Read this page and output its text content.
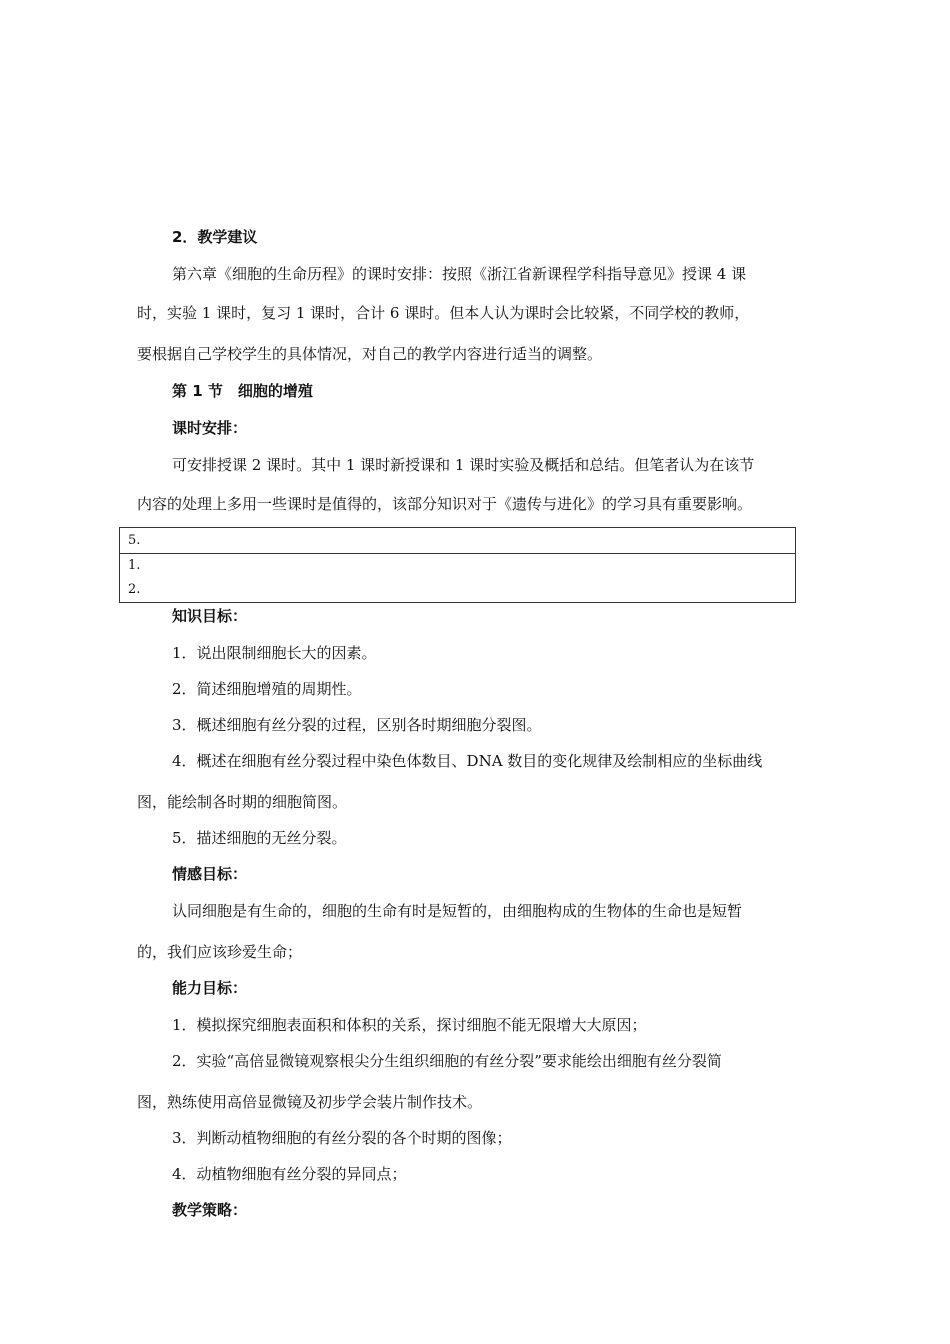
2．教学建议
第六章《细胞的生命历程》的课时安排：按照《浙江省新课程学科指导意见》授课 4 课
时，实验 1 课时，复习 1 课时，合计 6 课时。但本人认为课时会比较紧，不同学校的教师，
要根据自己学校学生的具体情况，对自己的教学内容进行适当的调整。
第 1 节　细胞的增殖
课时安排：
可安排授课 2 课时。其中 1 课时新授课和 1 课时实验及概括和总结。但笔者认为在该节
内容的处理上多用一些课时是值得的，该部分知识对于《遗传与进化》的学习具有重要影响。
5.
1.
2.
知识目标：
1．说出限制细胞长大的因素。
2．简述细胞增殖的周期性。
3．概述细胞有丝分裂的过程，区别各时期细胞分裂图。
4．概述在细胞有丝分裂过程中染色体数目、DNA 数目的变化规律及绘制相应的坐标曲线
图，能绘制各时期的细胞简图。
5．描述细胞的无丝分裂。
情感目标：
认同细胞是有生命的，细胞的生命有时是短暂的，由细胞构成的生物体的生命也是短暂
的，我们应该珍爱生命；
能力目标：
1．模拟探究细胞表面积和体积的关系，探讨细胞不能无限增大大原因；
2．实验“高倍显微镜观察根尖分生组织细胞的有丝分裂”要求能绘出细胞有丝分裂简
图，熟练使用高倍显微镜及初步学会装片制作技术。
3．判断动植物细胞的有丝分裂的各个时期的图像；
4．动植物细胞有丝分裂的异同点；
教学策略：
